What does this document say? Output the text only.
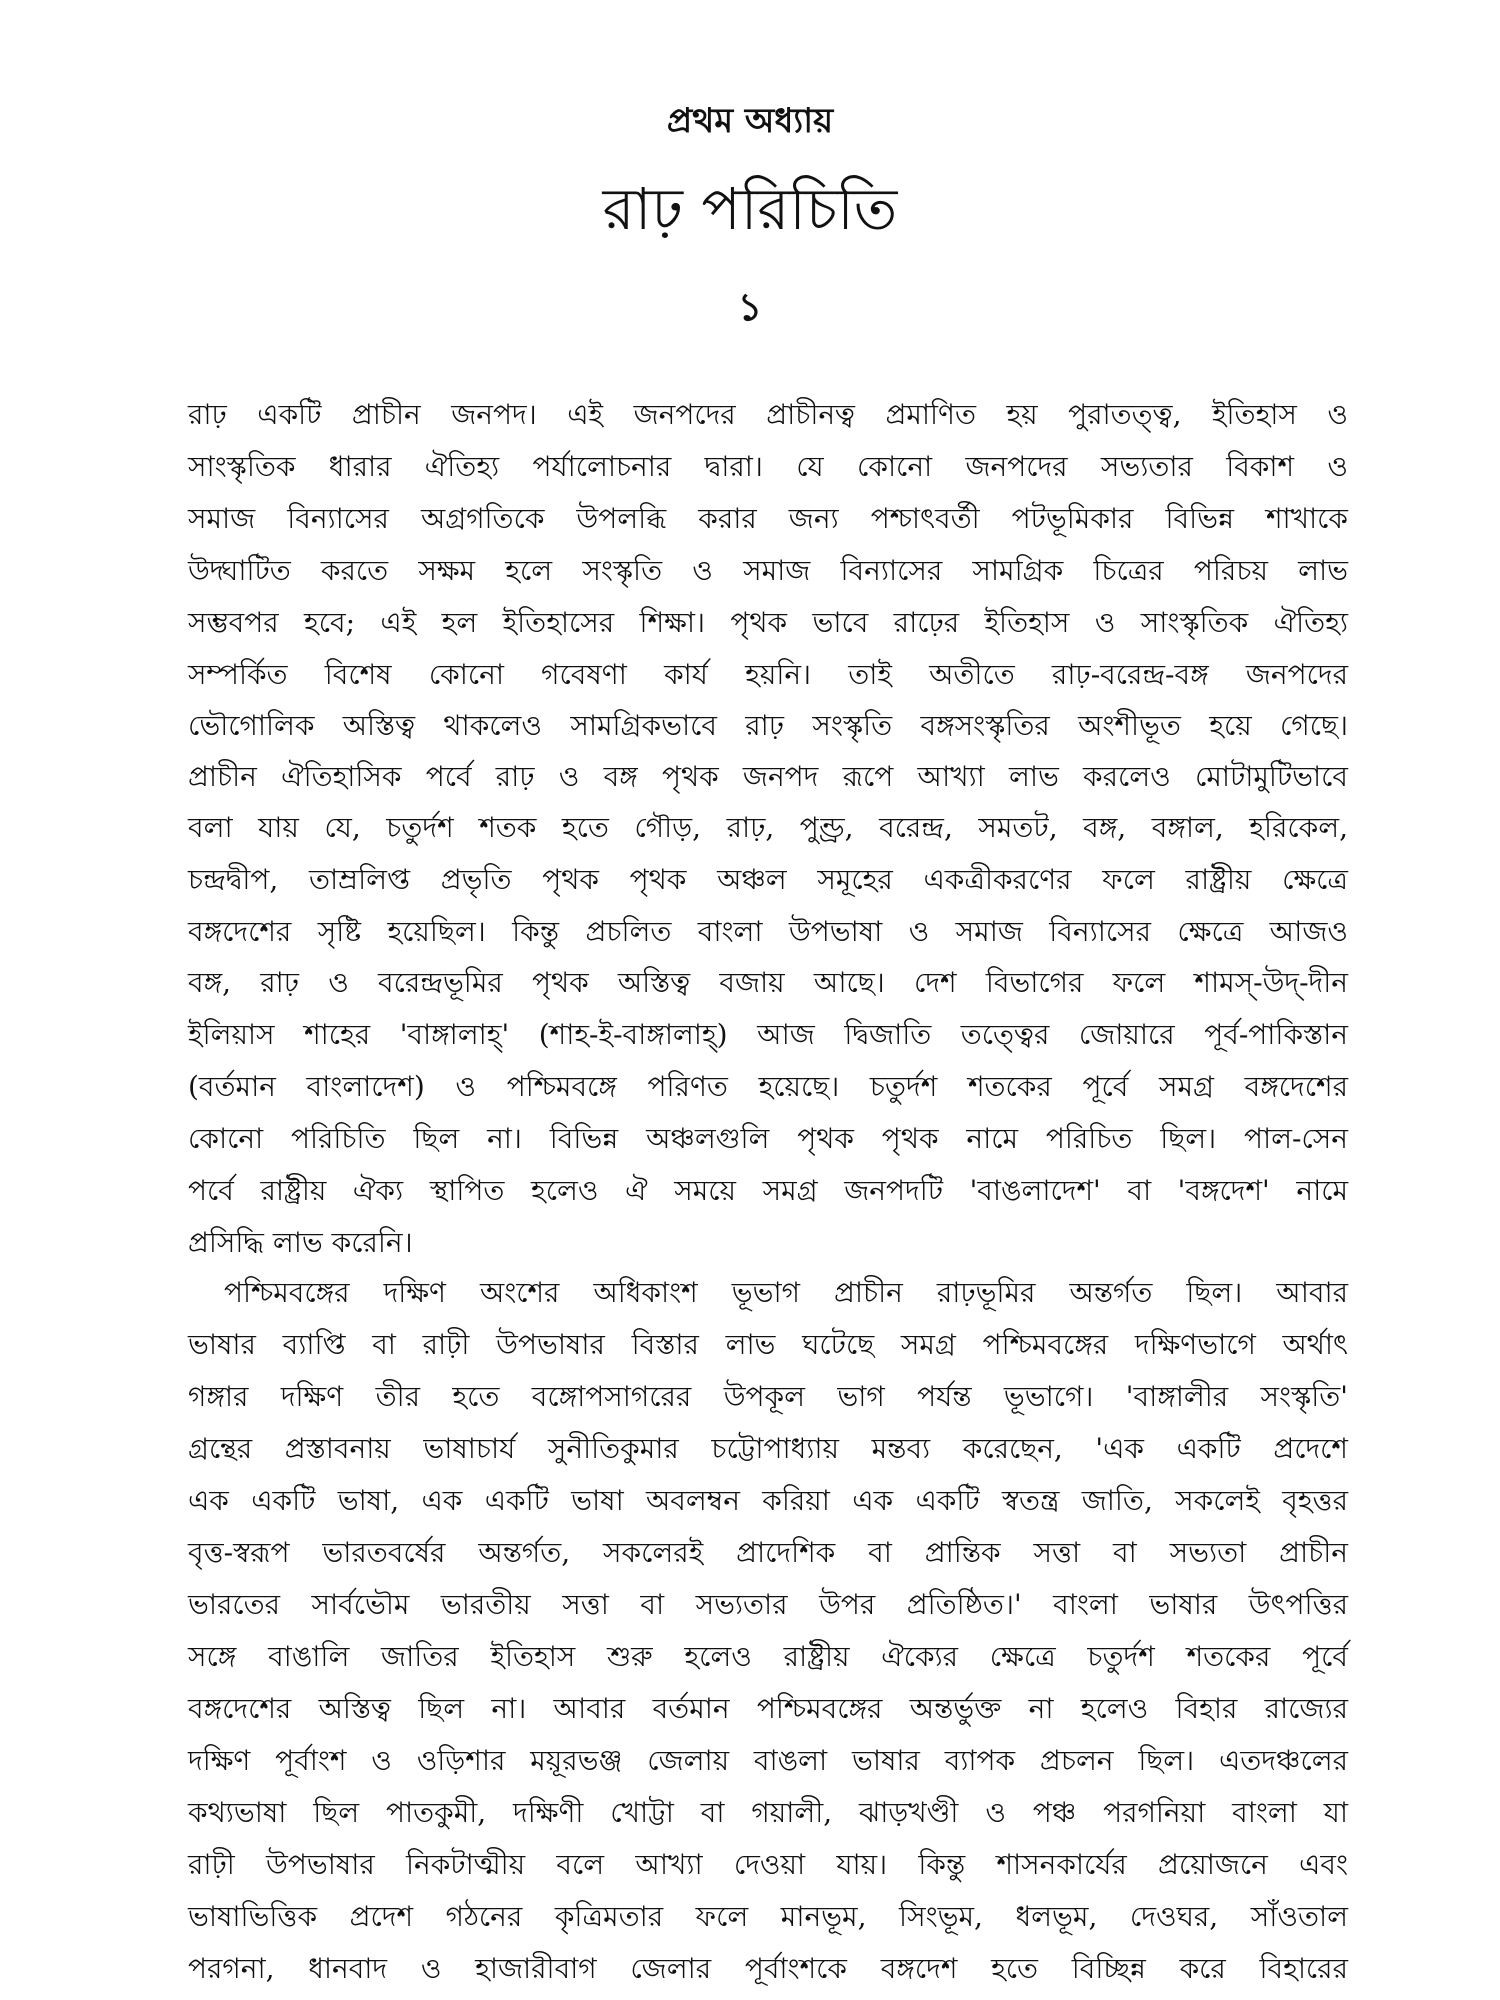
প্রথম অধ্যায়
রাঢ় পরিচিতি
১
রাঢ় একটি প্রাচীন জনপদ। এই জনপদের প্রাচীনত্ব প্রমাণিত হয় পুরাতত্ত্ব, ইতিহাস ও
সাংস্কৃতিক ধারার ঐতিহ্য পর্যালোচনার দ্বারা। যে কোনো জনপদের সভ্যতার বিকাশ ও
সমাজ বিন্যাসের অগ্রগতিকে উপলব্ধি করার জন্য পশ্চাৎবর্তী পটভূমিকার বিভিন্ন শাখাকে
উদ্ঘাটিত করতে সক্ষম হলে সংস্কৃতি ও সমাজ বিন্যাসের সামগ্রিক চিত্রের পরিচয় লাভ
সম্ভবপর হবে; এই হল ইতিহাসের শিক্ষা। পৃথক ভাবে রাঢ়ের ইতিহাস ও সাংস্কৃতিক ঐতিহ্য
সম্পর্কিত বিশেষ কোনো গবেষণা কার্য হয়নি। তাই অতীতে রাঢ়-বরেন্দ্র-বঙ্গ জনপদের
ভৌগোলিক অস্তিত্ব থাকলেও সামগ্রিকভাবে রাঢ় সংস্কৃতি বঙ্গসংস্কৃতির অংশীভূত হয়ে গেছে।
প্রাচীন ঐতিহাসিক পর্বে রাঢ় ও বঙ্গ পৃথক জনপদ রূপে আখ্যা লাভ করলেও মোটামুটিভাবে
বলা যায় যে, চতুর্দশ শতক হতে গৌড়, রাঢ়, পুণ্ড্র, বরেন্দ্র, সমতট, বঙ্গ, বঙ্গাল, হরিকেল,
চন্দ্রদ্বীপ, তাম্রলিপ্ত প্রভৃতি পৃথক পৃথক অঞ্চল সমূহের একত্রীকরণের ফলে রাষ্ট্রীয় ক্ষেত্রে
বঙ্গদেশের সৃষ্টি হয়েছিল। কিন্তু প্রচলিত বাংলা উপভাষা ও সমাজ বিন্যাসের ক্ষেত্রে আজও
বঙ্গ, রাঢ় ও বরেন্দ্রভূমির পৃথক অস্তিত্ব বজায় আছে। দেশ বিভাগের ফলে শামস্-উদ্-দীন
ইলিয়াস শাহের 'বাঙ্গালাহ্' (শাহ-ই-বাঙ্গালাহ্) আজ দ্বিজাতি তত্ত্বের জোয়ারে পূর্ব-পাকিস্তান
(বর্তমান বাংলাদেশ) ও পশ্চিমবঙ্গে পরিণত হয়েছে। চতুর্দশ শতকের পূর্বে সমগ্র বঙ্গদেশের
কোনো পরিচিতি ছিল না। বিভিন্ন অঞ্চলগুলি পৃথক পৃথক নামে পরিচিত ছিল। পাল-সেন
পর্বে রাষ্ট্রীয় ঐক্য স্থাপিত হলেও ঐ সময়ে সমগ্র জনপদটি 'বাঙলাদেশ' বা 'বঙ্গদেশ' নামে
প্রসিদ্ধি লাভ করেনি।
পশ্চিমবঙ্গের দক্ষিণ অংশের অধিকাংশ ভূভাগ প্রাচীন রাঢ়ভূমির অন্তর্গত ছিল। আবার
ভাষার ব্যাপ্তি বা রাঢ়ী উপভাষার বিস্তার লাভ ঘটেছে সমগ্র পশ্চিমবঙ্গের দক্ষিণভাগে অর্থাৎ
গঙ্গার দক্ষিণ তীর হতে বঙ্গোপসাগরের উপকূল ভাগ পর্যন্ত ভূভাগে। 'বাঙ্গালীর সংস্কৃতি'
গ্রন্থের প্রস্তাবনায় ভাষাচার্য সুনীতিকুমার চট্টোপাধ্যায় মন্তব্য করেছেন, 'এক একটি প্রদেশে
এক একটি ভাষা, এক একটি ভাষা অবলম্বন করিয়া এক একটি স্বতন্ত্র জাতি, সকলেই বৃহত্তর
বৃত্ত-স্বরূপ ভারতবর্ষের অন্তর্গত, সকলেরই প্রাদেশিক বা প্রান্তিক সত্তা বা সভ্যতা প্রাচীন
ভারতের সার্বভৌম ভারতীয় সত্তা বা সভ্যতার উপর প্রতিষ্ঠিত।' বাংলা ভাষার উৎপত্তির
সঙ্গে বাঙালি জাতির ইতিহাস শুরু হলেও রাষ্ট্রীয় ঐক্যের ক্ষেত্রে চতুর্দশ শতকের পূর্বে
বঙ্গদেশের অস্তিত্ব ছিল না। আবার বর্তমান পশ্চিমবঙ্গের অন্তর্ভুক্ত না হলেও বিহার রাজ্যের
দক্ষিণ পূর্বাংশ ও ওড়িশার ময়ূরভঞ্জ জেলায় বাঙলা ভাষার ব্যাপক প্রচলন ছিল। এতদঞ্চলের
কথ্যভাষা ছিল পাতকুমী, দক্ষিণী খোট্টা বা গয়ালী, ঝাড়খণ্ডী ও পঞ্চ পরগনিয়া বাংলা যা
রাঢ়ী উপভাষার নিকটাত্মীয় বলে আখ্যা দেওয়া যায়। কিন্তু শাসনকার্যের প্রয়োজনে এবং
ভাষাভিত্তিক প্রদেশ গঠনের কৃত্রিমতার ফলে মানভূম, সিংভূম, ধলভূম, দেওঘর, সাঁওতাল
পরগনা, ধানবাদ ও হাজারীবাগ জেলার পূর্বাংশকে বঙ্গদেশ হতে বিচ্ছিন্ন করে বিহারের
